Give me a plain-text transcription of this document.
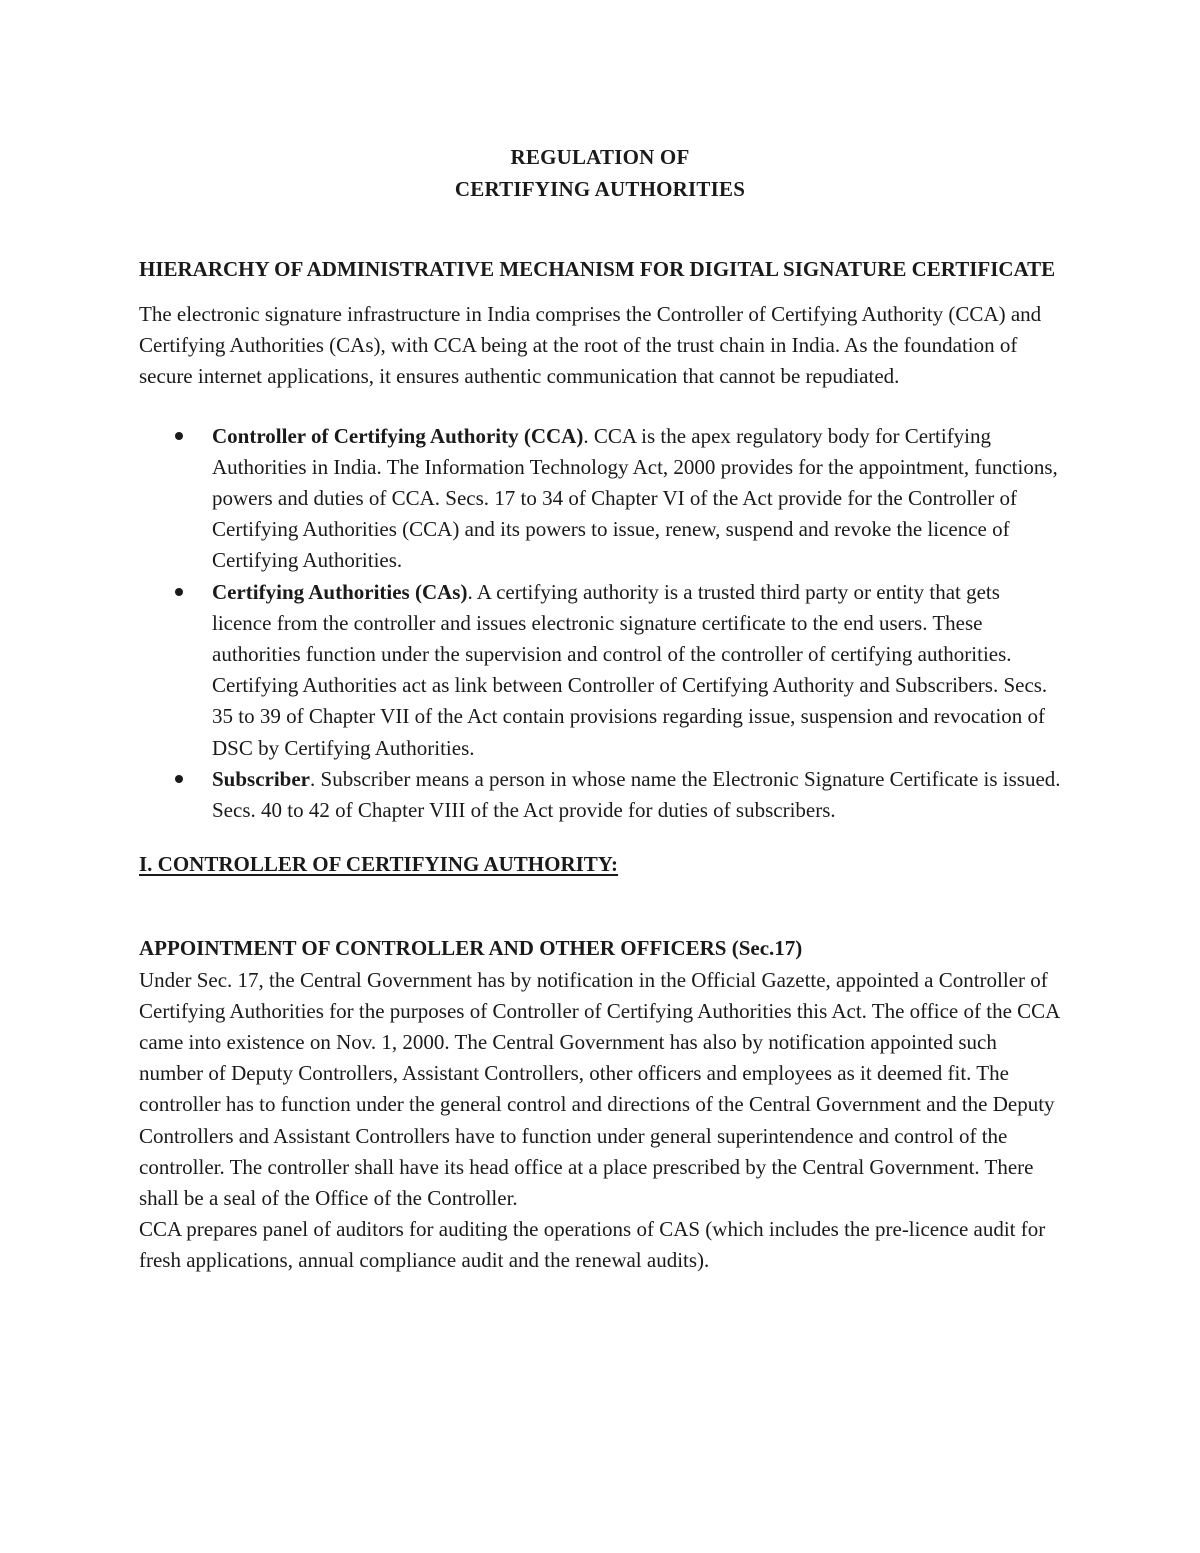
REGULATION OF
CERTIFYING AUTHORITIES

HIERARCHY OF ADMINISTRATIVE MECHANISM FOR DIGITAL SIGNATURE CERTIFICATE

The electronic signature infrastructure in India comprises the Controller of Certifying Authority (CCA) and Certifying Authorities (CAs), with CCA being at the root of the trust chain in India. As the foundation of secure internet applications, it ensures authentic communication that cannot be repudiated.

Controller of Certifying Authority (CCA). CCA is the apex regulatory body for Certifying Authorities in India. The Information Technology Act, 2000 provides for the appointment, functions, powers and duties of CCA. Secs. 17 to 34 of Chapter VI of the Act provide for the Controller of Certifying Authorities (CCA) and its powers to issue, renew, suspend and revoke the licence of Certifying Authorities.
Certifying Authorities (CAs). A certifying authority is a trusted third party or entity that gets licence from the controller and issues electronic signature certificate to the end users. These authorities function under the supervision and control of the controller of certifying authorities. Certifying Authorities act as link between Controller of Certifying Authority and Subscribers. Secs. 35 to 39 of Chapter VII of the Act contain provisions regarding issue, suspension and revocation of DSC by Certifying Authorities.
Subscriber. Subscriber means a person in whose name the Electronic Signature Certificate is issued. Secs. 40 to 42 of Chapter VIII of the Act provide for duties of subscribers.

I. CONTROLLER OF CERTIFYING AUTHORITY:

APPOINTMENT OF CONTROLLER AND OTHER OFFICERS (Sec.17)

Under Sec. 17, the Central Government has by notification in the Official Gazette, appointed a Controller of Certifying Authorities for the purposes of Controller of Certifying Authorities this Act. The office of the CCA came into existence on Nov. 1, 2000. The Central Government has also by notification appointed such number of Deputy Controllers, Assistant Controllers, other officers and employees as it deemed fit. The controller has to function under the general control and directions of the Central Government and the Deputy Controllers and Assistant Controllers have to function under general superintendence and control of the controller. The controller shall have its head office at a place prescribed by the Central Government. There shall be a seal of the Office of the Controller.

CCA prepares panel of auditors for auditing the operations of CAS (which includes the pre-licence audit for fresh applications, annual compliance audit and the renewal audits).
